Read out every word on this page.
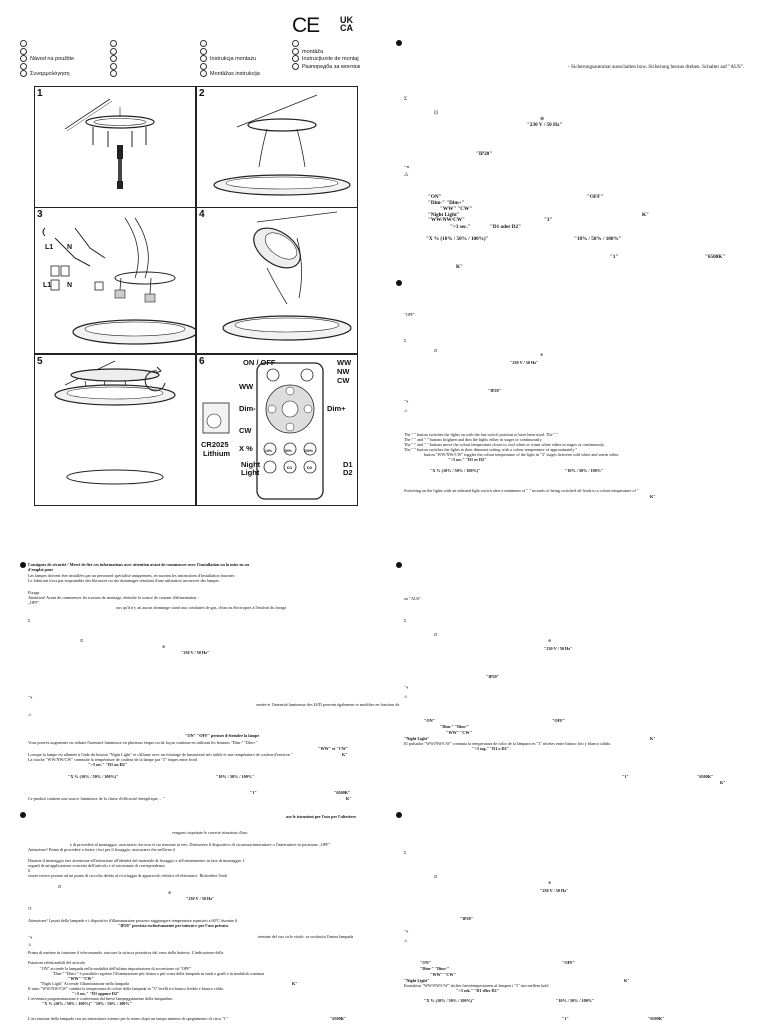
CE UK
CA
Návod na použitie
Συναρμολόγηση
Instrukcja montażu
Montāžas instrukcija
montāža
Instrucțiunile de montaj
Разпоредба за монтаж
1	2
3
L1 N
L1 N
4
5	6	ON / OFF	WW
NW
CW
WW
Dim-	Dim+
CW
X %	10%	50%	100%
D1	D2
CR2025
Lithium
Night
Light
D1
D2
- Sicherungsautomat ausschalten bzw. Sicherung heraus drehen. Schalter auf "AUS".
Σ
⊡
⊕
"230 V / 50 Hz"
"IP20"
~⁎
⚠
"ON"	"OFF"
"Dim-" "Dim+"
"WW" "CW"
"Night Light"	K"
"WW/NW/CW"	"3"
">3 sec."	"D1 oder D2"
"X % (10% / 50% / 100%)"	"10% / 50% / 100%"
"1"	"6500K"
K"
"OFF".
Σ
⊡
⊕
"230 V / 50 Hz"
"IP20"
~⁎
⚠
The " " button switches the lights on with the last switch position to have been used. The " "
The " " and " " buttons brighten and dim the lights either in stages or continuously.
The " " and " " buttons move the colour temperature closer to cool white or warm white either in stages or continuously.
The " " button switches the lights to their dimmest setting with a colour temperature of approximately "
button "WW/NW/CW" toggles the colour temperature of the light in "3" stages between cold white and warm white.
">3 sec." "D1 or D2"
"X % (10% / 50% / 100%)"	"10% / 50% / 100%"
Switching on the lights with an onboard light switch after a minimum of " " seconds of being switched off leads to a colour temperature of "
K"
Consignes de sécurité / Merci de lire ces informations avec attention avant de commencer avec l'installation ou la mise en ou
d'emploi pour
Les lampes doivent être installées par un personnel spécialisé uniquement, en suivant les instructions d'installation fournies
Le fabricant n'est pas responsable des blessures ou des dommages résultant d'une utilisation incorrecte des lampes.
Fixage
Attention! Avant de commencer les travaux de montage, éteindre la source de courant d'alimentation -
„OFF".
ous qu'il n'y ait aucun dommage causé aux conduites de gaz, d'eau ou électriques à l'endroit du forage.
Σ
⊡
⊕
"230 V / 50 Hz"
~⁎
sentée et l'intensité lumineuse des LED peuvent également se modifier en fonction de
⚠
"ON" "OFF" permet d'éteindre la lampe
Vous pouvez augmenter ou réduire l'intensité lumineuse en plusieurs étapes ou de façon continue en utilisant les boutons "Dim-" "Dim+"
"WW" et "CW"
Lorsque la lampe est allumée à l'aide du bouton "Night Light" et s'allume avec un éclairage de luminosité très faible et une température de couleur d'environ "	K"
La touche "WW/NW/CW" commute la température de couleur de la lampe par "3" étapes entre froid
">3 sec." "D1 ou D2"
"X % (10% / 50% / 100%)"	"10% / 50% / 100%"
"1"	"6500K"
Ce produit contient une source lumineuse de la classe d'efficacité énergétique ... "	K"
ase le istruzioni per l'uso per l'ulteriore
vengono rispettate le corrette istruzioni d'uso.
e di procedere al montaggio, assicurarsi che non vi sia tensione in rete. Disinserire il dispositivo di sicurezza/interruttore o l'interruttore in posizione „OFF".
Attenzione! Prima di procedere a forare i fori per il fissaggio, assicurarsi che nell'area d
Durante il montaggio fare attenzione all'attenzione all'identità del materiale di fissaggio e all'orientamento in fase di montaggio. I
segnali di un'applicazione scorretta dell'articolo e al sottostante di corrispondenza.
Σ
essere invece portato ad un punto di raccolta dedito al riciclaggio di apparecchi elettrici ed elettronici. Richiedete l'indi
⊡
⊕
"230 V / 50 Hz"
☈
Attenzione! I punti delle lampade e i dispositivi d'illuminazione possono raggiungere temperature superiori a 60°C durante il
"IP20" prevista esclusivamente per interni e per l'uso privato.
~⁎	termine del suo ciclo vitale, va sostituita l'intera lampada
⚠
Prima di mettere in funzione il telecomando, staccare la striscia protettiva dal vano della batteria. L'indicazione della
Funzioni selezionabili del articolo
"ON" accende la lampada nella modalità dell'ultima impostazione di accensione sti "OFF"
"Dim-" "Dim+" è possibile regolare l'illuminazione più chiara o più scura della lampada in stadi o gradi e in modalità continua
"WW" "CW"
"Night Light" Accende l'illuminazione nella lampada	K"
Il tasto "WW/NW/CW" cambia la temperatura di colore della lampada in "3" livelli tra bianco freddo e bianco caldo.
">3 sec." "D1 oppure D2"
L'avvenuta programmazione è confermata dal breve lampeggiamento della lampadina.
"X % (10% / 50% / 100%)" "10% / 50% / 100%"
L'accensione della lampada con un interruttore esterno per lo meno dopo un tempo minimo di spegnimento di circa "1"	"6500K"
ou "AUS".
Σ
⊡
⊕
"230 V / 50 Hz"
"IP20"
~⁎
⚠
"ON"	"OFF"
"Dim-" "Dim+"
"WW" "CW"
"Night Light"	K"
El pulsador "WW/NW/CW" conmuta la temperatura de color de la lámpara en "3" niveles entre blanco frío y blanco cálido.
">3 seg." "D1 o D2"
"1"	"6500K"
K"
Σ
⊡
⊕
"230 V / 50 Hz"
"IP20"
~⁎
⚠
"ON"	"OFF"
"Dim-" "Dim+"
"WW" "CW"
"Night Light"	K"
Kontaktus "WW/NW/CW" skifter farvetemperaturen af lampen i "3" trin mellem kold
">3 sek." "D1 eller D2"
"X % (10% / 50% / 100%)"	"10% / 50% / 100%"
"1"	"6500K"
